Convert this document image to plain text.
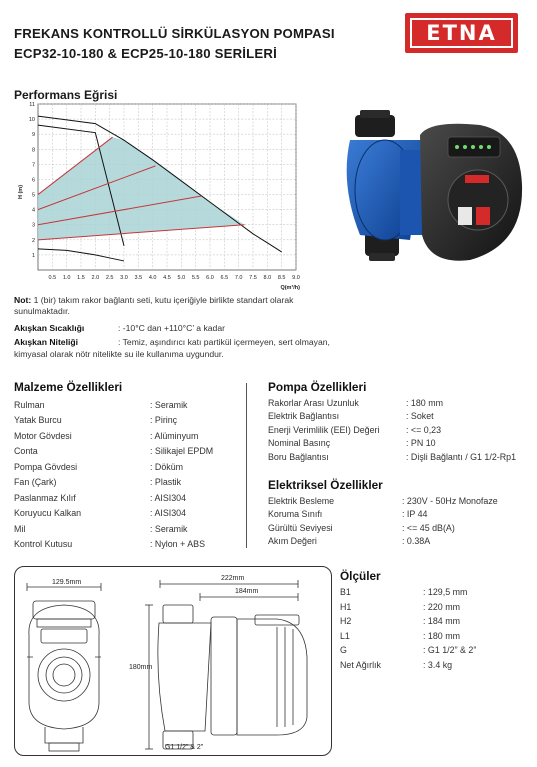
FREKANS KONTROLLÜ SİRKÜLASYON POMPASI
ECP32-10-180 & ECP25-10-180 SERİLERİ
ETNA
Performans Eğrisi
0.5 1.0 1.5 2.0 2.5 3.0 3.5 4.0 4.5 5.0 5.5 6.0 6.5 7.0 7.5 8.0 8.5 9.0
1
2
3
4
5
6
7
8
9
10
11
Q(m³/h)
H (m)
Not: 1 (bir) takım rakor bağlantı seti, kutu içeriğiyle birlikte standart olarak sunulmaktadır.
Akışkan Sıcaklığı	: -10°C dan +110°C’ a kadar
Akışkan Niteliği	: Temiz, aşındırıcı katı partikül içermeyen, sert olmayan,
kimyasal olarak nötr nitelikte su ile kullanıma uygundur.
Malzeme Özellikleri
Rulman	: Seramik
Yatak Burcu	: Pirinç
Motor Gövdesi	: Alüminyum
Conta	: Silikajel EPDM
Pompa Gövdesi	: Döküm
Fan (Çark)	: Plastik
Paslanmaz Kılıf	: AISI304
Koruyucu Kalkan	: AISI304
Mil	: Seramik
Kontrol Kutusu	: Nylon + ABS
Pompa Özellikleri
Rakorlar Arası Uzunluk	: 180 mm
Elektrik Bağlantısı	: Soket
Enerji Verimlilik (EEI) Değeri	: <= 0,23
Nominal Basınç	: PN 10
Boru Bağlantısı	: Dişli Bağlantı / G1 1/2-Rp1
Elektriksel Özellikler
Elektrik Besleme	: 230V - 50Hz Monofaze
Koruma Sınıfı	: IP 44
Gürültü Seviyesi	: <= 45 dB(A)
Akım Değeri	: 0.38A
129.5mm
222mm
184mm
180mm
G1 1/2” & 2”
Ölçüler
B1	: 129,5 mm
H1	: 220 mm
H2	: 184 mm
L1	: 180 mm
G	: G1 1/2” & 2”
Net Ağırlık	: 3.4 kg
